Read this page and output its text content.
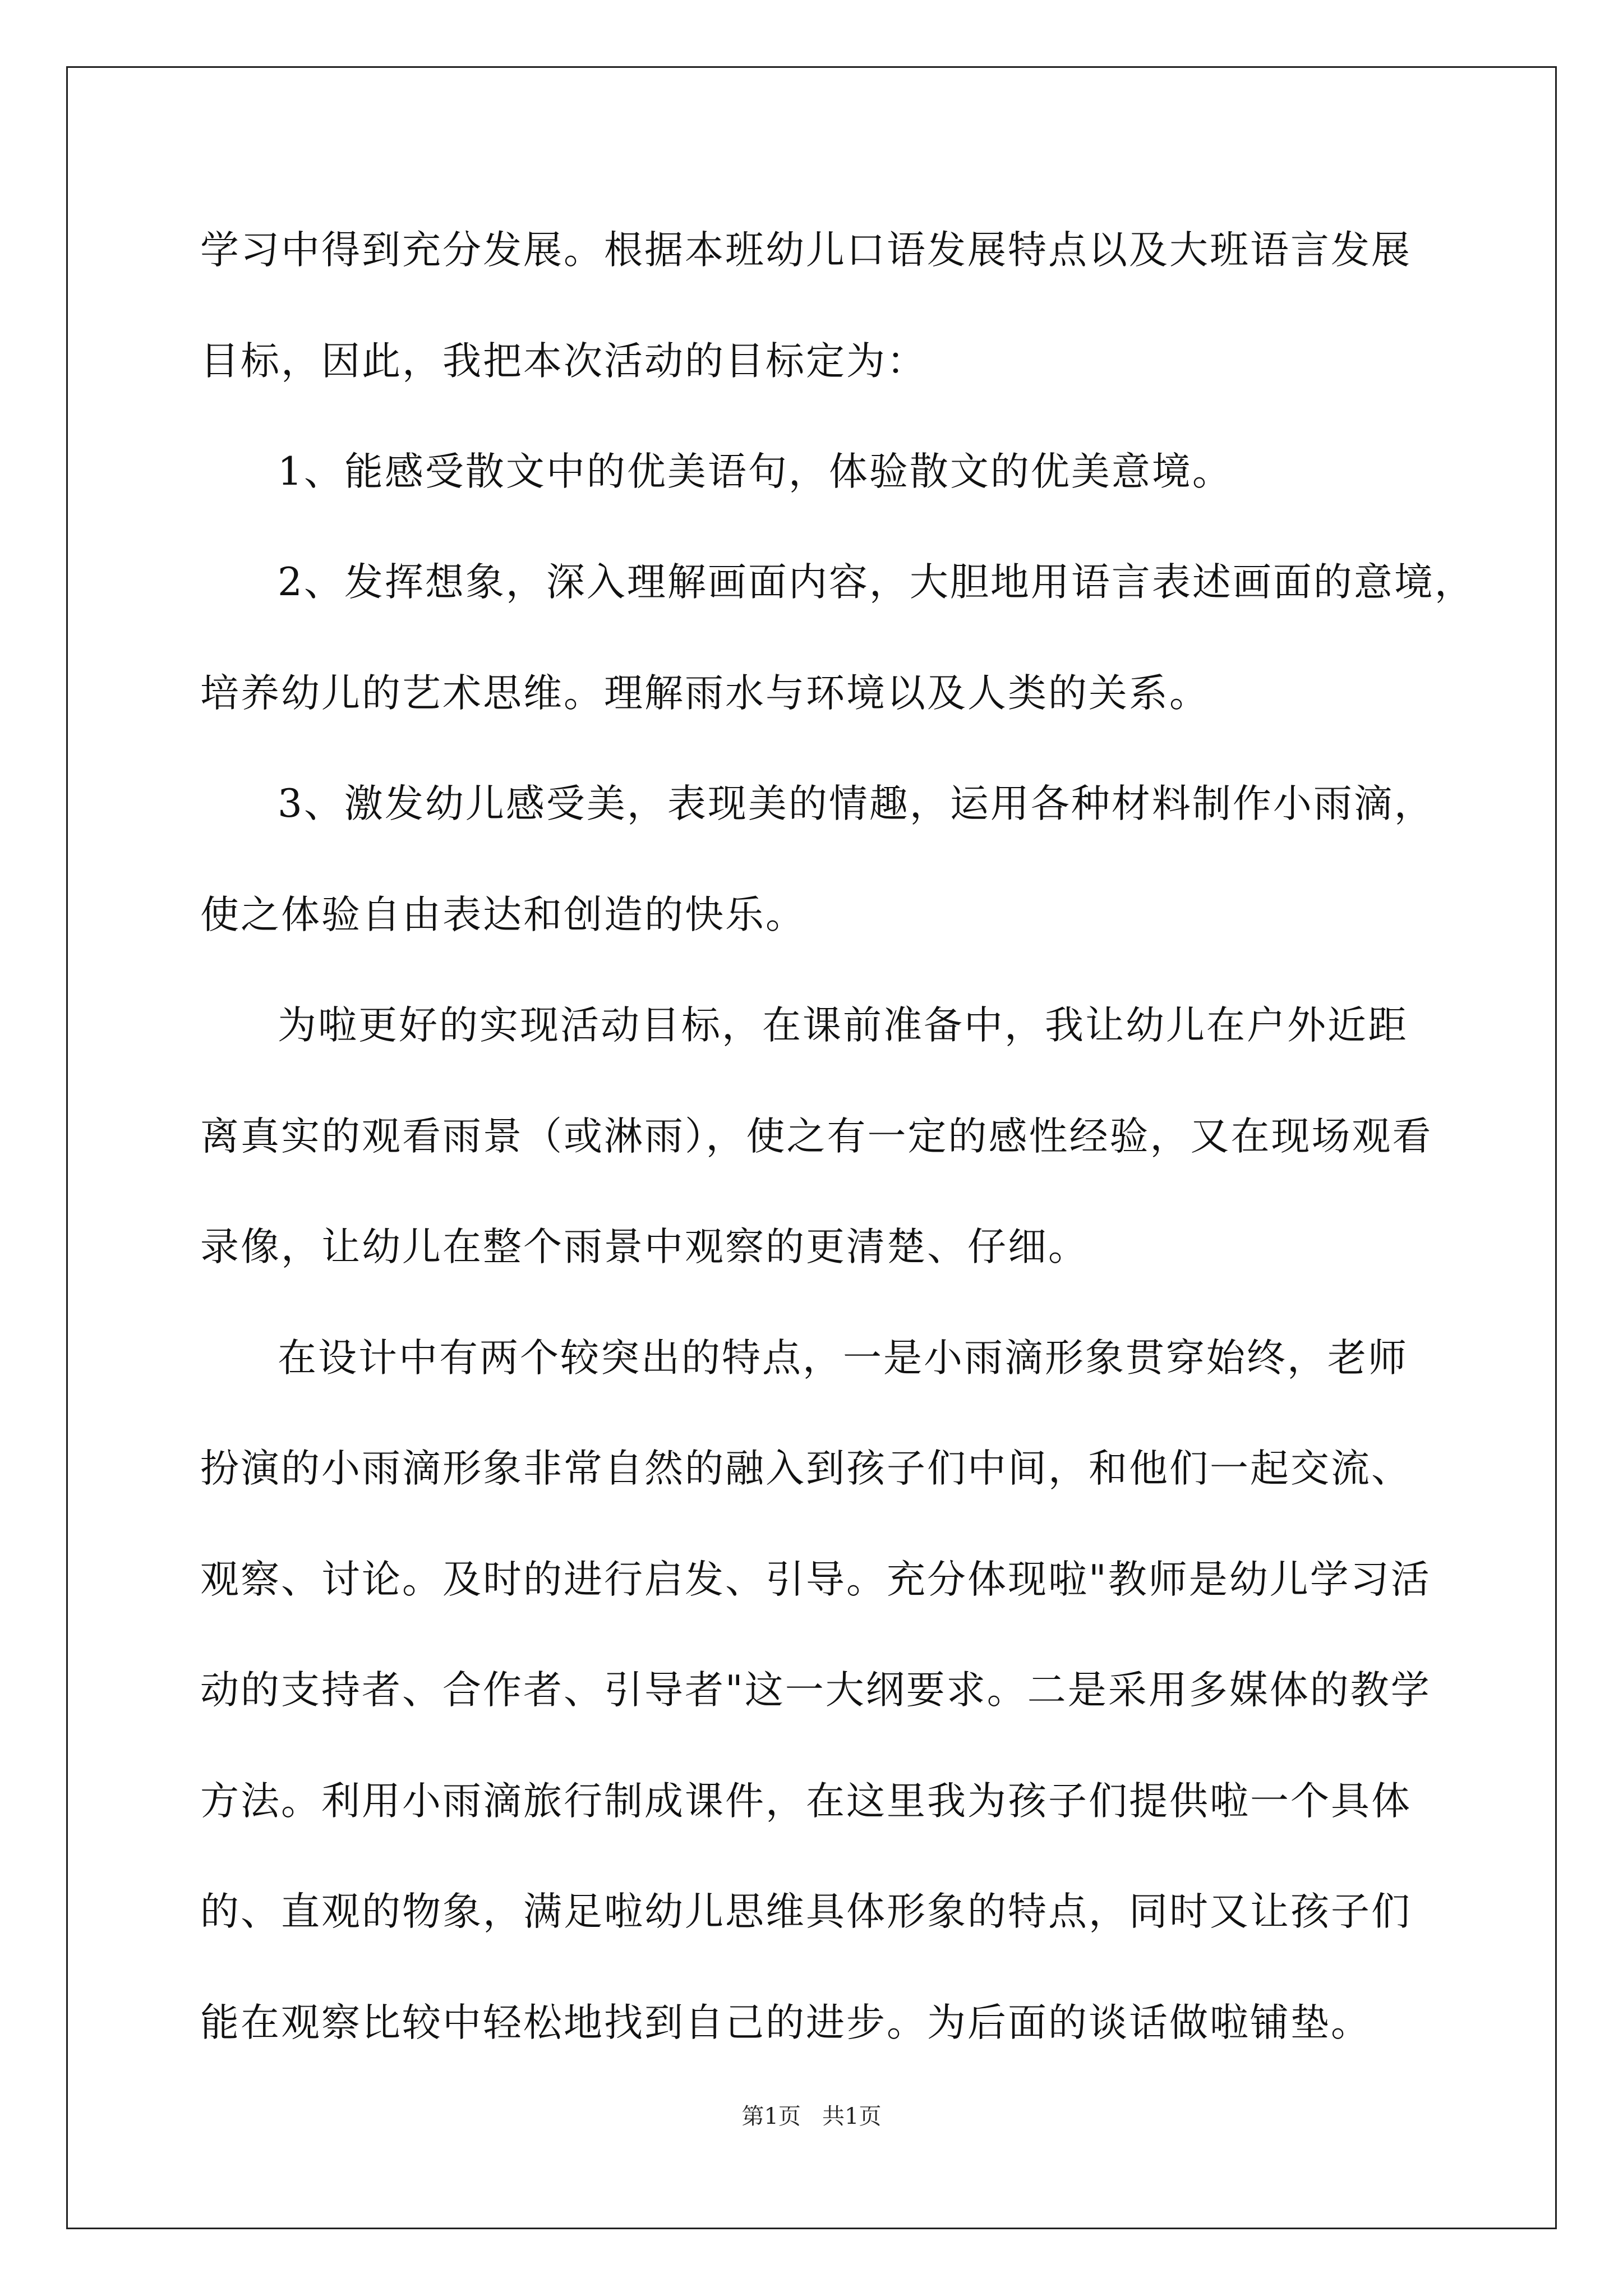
学习中得到充分发展。根据本班幼儿口语发展特点以及大班语言发展
目标，因此，我把本次活动的目标定为：
1、能感受散文中的优美语句，体验散文的优美意境。
2、发挥想象，深入理解画面内容，大胆地用语言表述画面的意境，
培养幼儿的艺术思维。理解雨水与环境以及人类的关系。
3、激发幼儿感受美，表现美的情趣，运用各种材料制作小雨滴，
使之体验自由表达和创造的快乐。
为啦更好的实现活动目标，在课前准备中，我让幼儿在户外近距
离真实的观看雨景（或淋雨），使之有一定的感性经验，又在现场观看
录像，让幼儿在整个雨景中观察的更清楚、仔细。
在设计中有两个较突出的特点，一是小雨滴形象贯穿始终，老师
扮演的小雨滴形象非常自然的融入到孩子们中间，和他们一起交流、
观察、讨论。及时的进行启发、引导。充分体现啦"教师是幼儿学习活
动的支持者、合作者、引导者"这一大纲要求。二是采用多媒体的教学
方法。利用小雨滴旅行制成课件，在这里我为孩子们提供啦一个具体
的、直观的物象，满足啦幼儿思维具体形象的特点，同时又让孩子们
能在观察比较中轻松地找到自己的进步。为后面的谈话做啦铺垫。
第1页   共1页
